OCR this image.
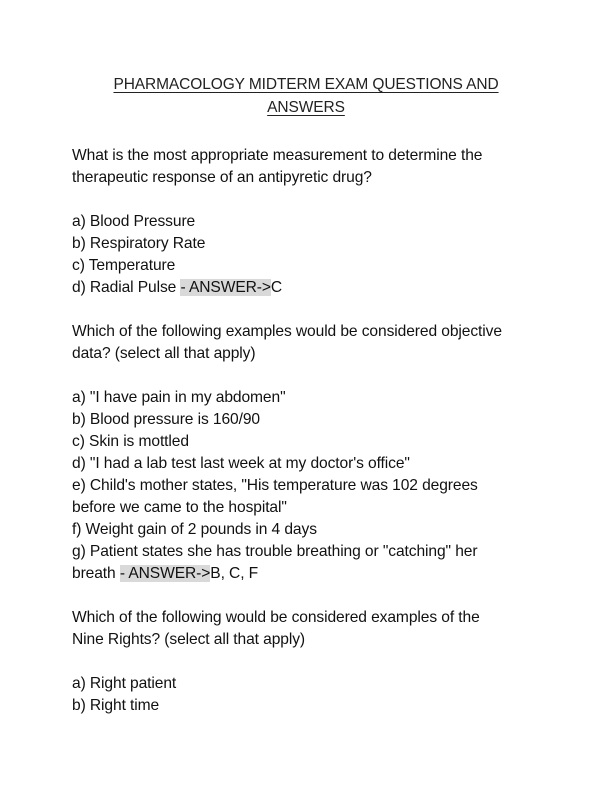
PHARMACOLOGY MIDTERM EXAM QUESTIONS AND
ANSWERS
What is the most appropriate measurement to determine the
therapeutic response of an antipyretic drug?
a) Blood Pressure
b) Respiratory Rate
c) Temperature
d) Radial Pulse - ANSWER->C
Which of the following examples would be considered objective
data? (select all that apply)
a) "I have pain in my abdomen"
b) Blood pressure is 160/90
c) Skin is mottled
d) "I had a lab test last week at my doctor's office"
e) Child's mother states, "His temperature was 102 degrees
before we came to the hospital"
f) Weight gain of 2 pounds in 4 days
g) Patient states she has trouble breathing or "catching" her
breath - ANSWER->B, C, F
Which of the following would be considered examples of the
Nine Rights? (select all that apply)
a) Right patient
b) Right time
